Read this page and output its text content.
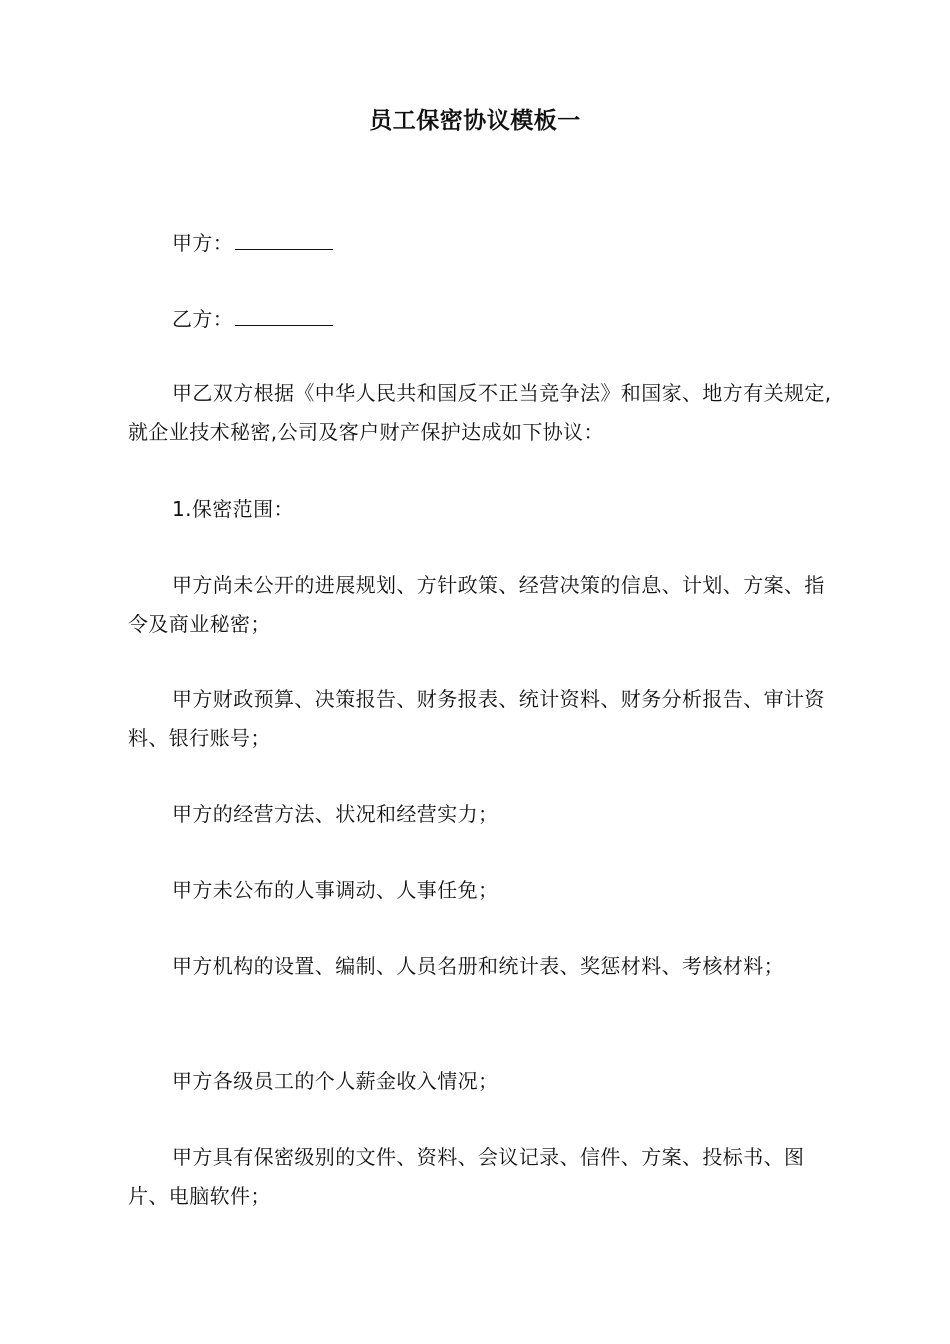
员工保密协议模板一
甲方：
乙方：
甲乙双方根据《中华人民共和国反不正当竞争法》和国家、地方有关规定,就企业技术秘密,公司及客户财产保护达成如下协议：
1.保密范围：
甲方尚未公开的进展规划、方针政策、经营决策的信息、计划、方案、指令及商业秘密；
甲方财政预算、决策报告、财务报表、统计资料、财务分析报告、审计资料、银行账号；
甲方的经营方法、状况和经营实力；
甲方未公布的人事调动、人事任免；
甲方机构的设置、编制、人员名册和统计表、奖惩材料、考核材料；
甲方各级员工的个人薪金收入情况；
甲方具有保密级别的文件、资料、会议记录、信件、方案、投标书、图片、电脑软件；
